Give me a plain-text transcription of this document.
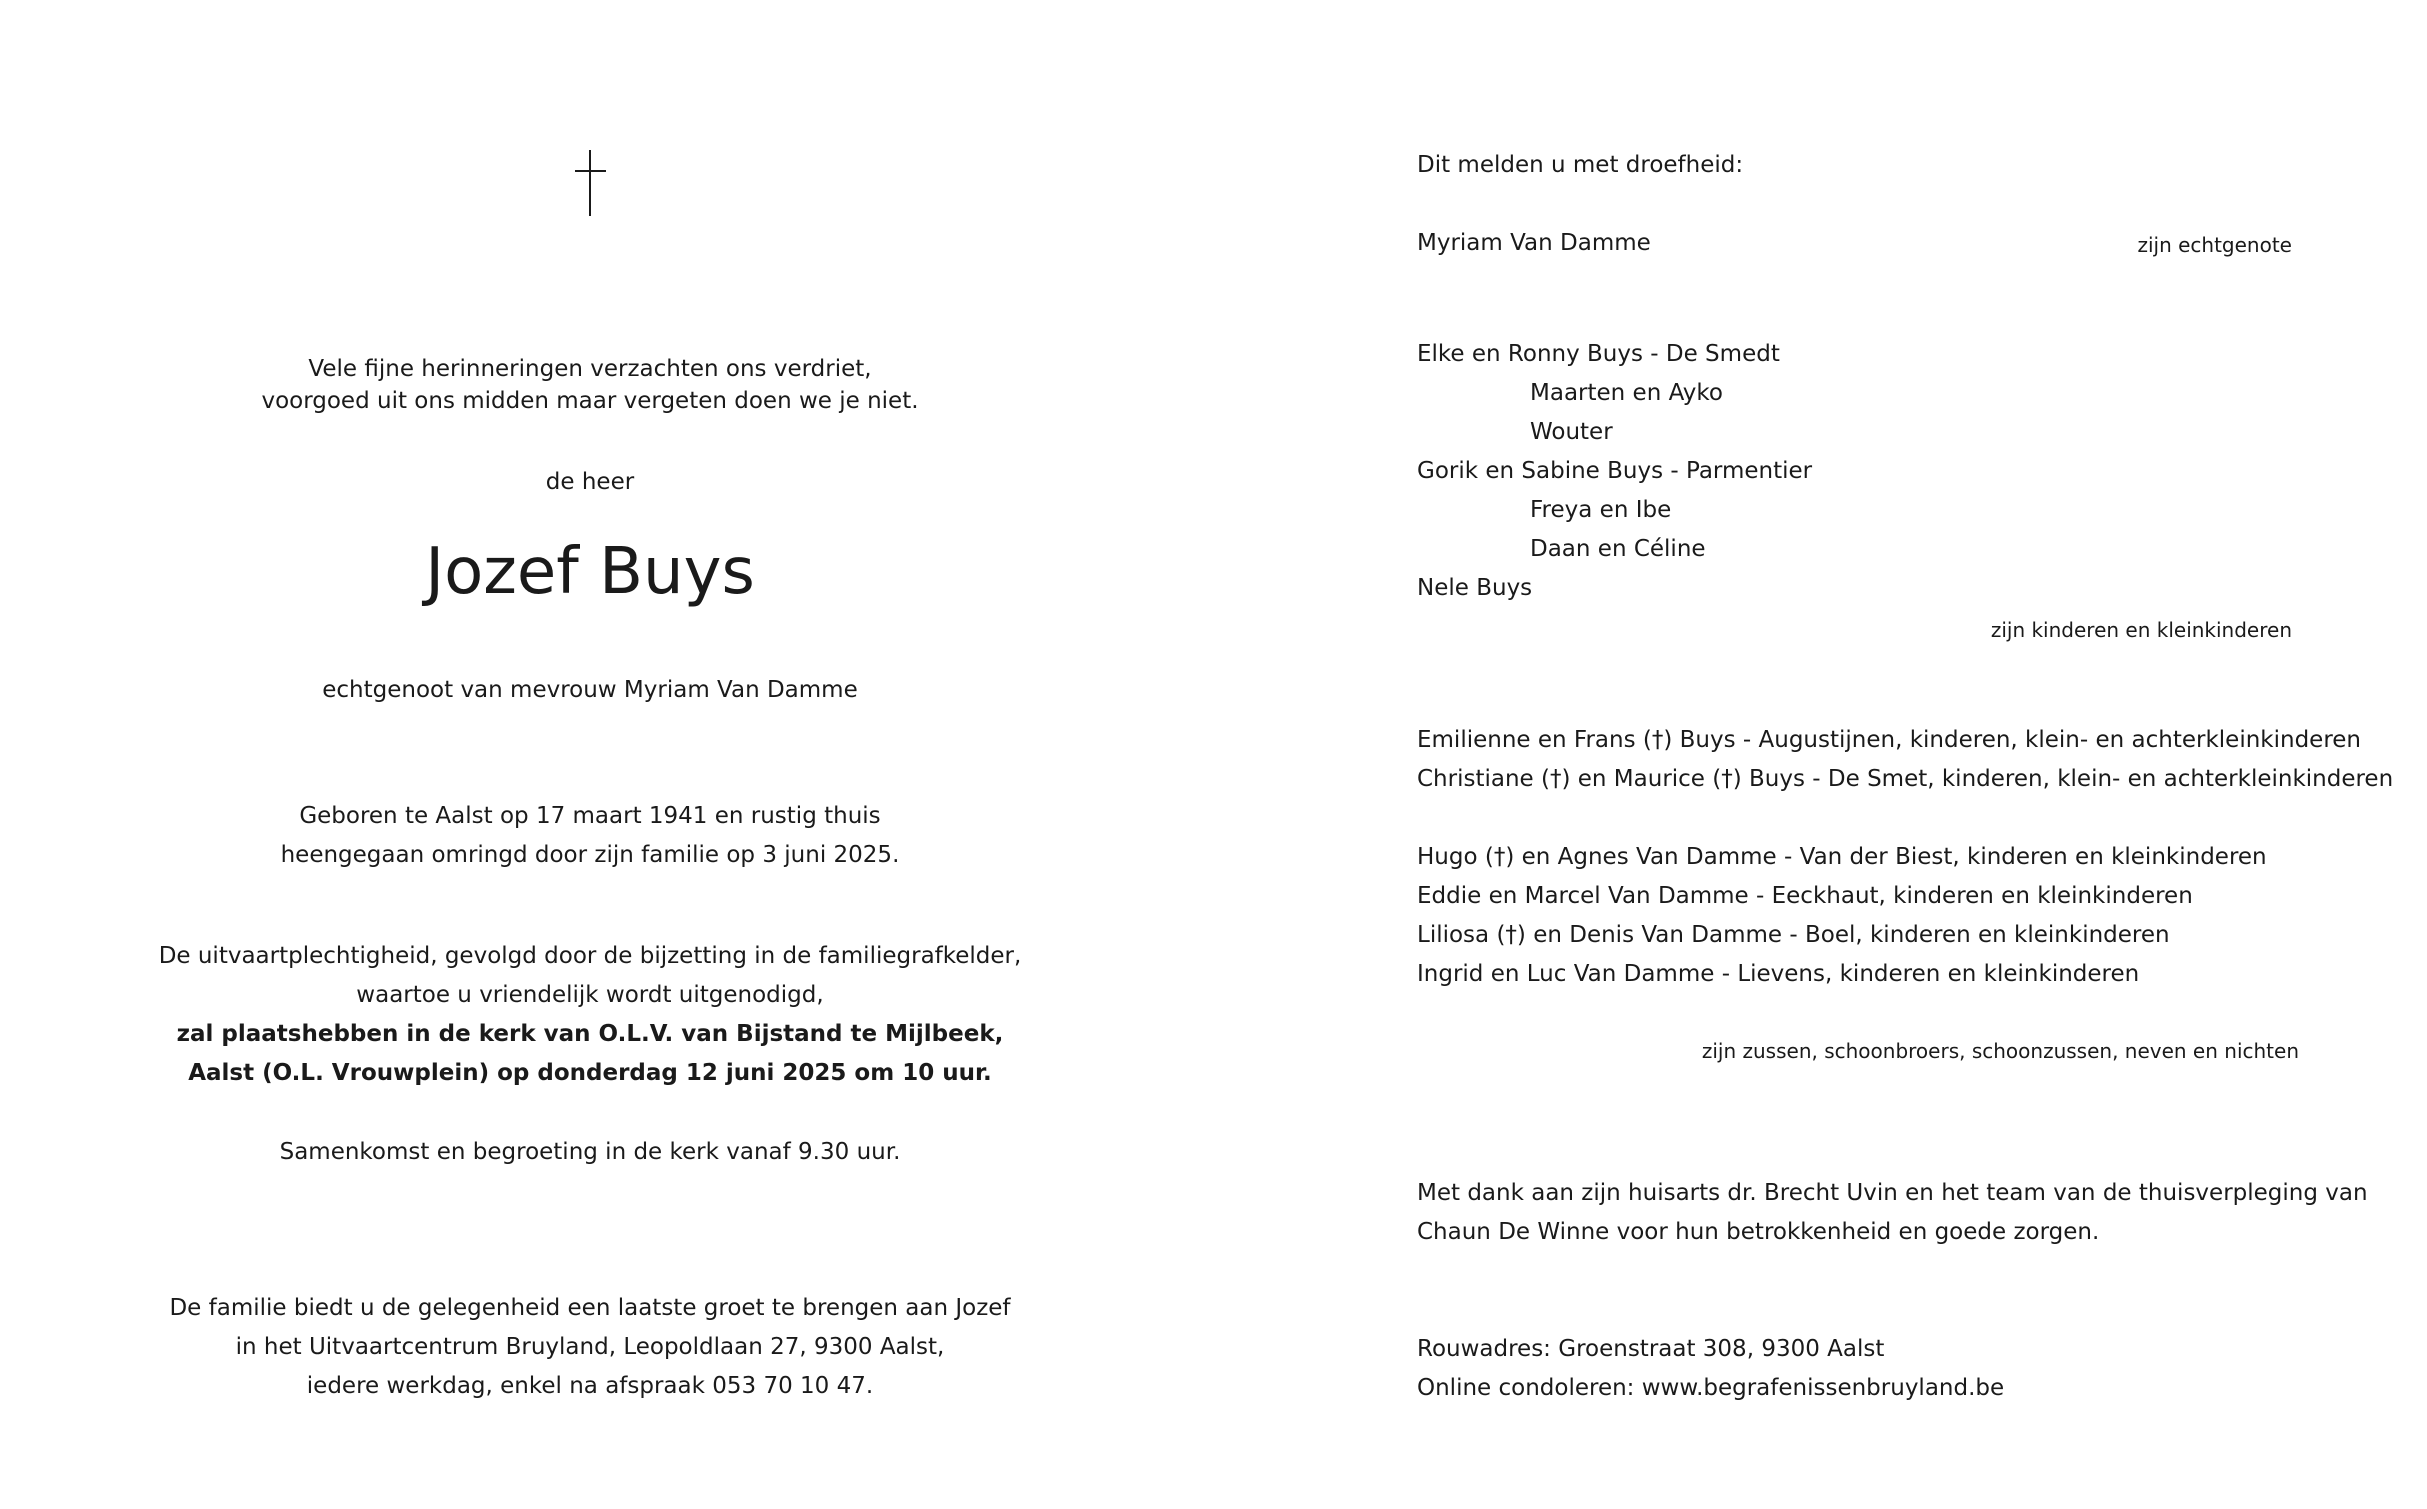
Vele fijne herinneringen verzachten ons verdriet,
voorgoed uit ons midden maar vergeten doen we je niet.
de heer
Jozef Buys
echtgenoot van mevrouw Myriam Van Damme
Geboren te Aalst op 17 maart 1941 en rustig thuis
heengegaan omringd door zijn familie op 3 juni 2025.
De uitvaartplechtigheid, gevolgd door de bijzetting in de familiegrafkelder,
waartoe u vriendelijk wordt uitgenodigd,
zal plaatshebben in de kerk van O.L.V. van Bijstand te Mijlbeek,
Aalst (O.L. Vrouwplein) op donderdag 12 juni 2025 om 10 uur.
Samenkomst en begroeting in de kerk vanaf 9.30 uur.
De familie biedt u de gelegenheid een laatste groet te brengen aan Jozef
in het Uitvaartcentrum Bruyland, Leopoldlaan 27, 9300 Aalst,
iedere werkdag, enkel na afspraak 053 70 10 47.
Dit melden u met droefheid:
Myriam Van Damme	zijn echtgenote
Elke en Ronny Buys - De Smedt
Maarten en Ayko
Wouter
Gorik en Sabine Buys - Parmentier
Freya en Ibe
Daan en Céline
Nele Buys
zijn kinderen en kleinkinderen
Emilienne en Frans (†) Buys - Augustijnen, kinderen, klein- en achterkleinkinderen
Christiane (†) en Maurice (†) Buys - De Smet, kinderen, klein- en achterkleinkinderen
Hugo (†) en Agnes Van Damme - Van der Biest, kinderen en kleinkinderen
Eddie en Marcel Van Damme - Eeckhaut, kinderen en kleinkinderen
Liliosa (†) en Denis Van Damme - Boel, kinderen en kleinkinderen
Ingrid en Luc Van Damme - Lievens, kinderen en kleinkinderen
zijn zussen, schoonbroers, schoonzussen, neven en nichten
Met dank aan zijn huisarts dr. Brecht Uvin en het team van de thuisverpleging van
Chaun De Winne voor hun betrokkenheid en goede zorgen.
Rouwadres: Groenstraat 308, 9300 Aalst
Online condoleren: www.begrafenissenbruyland.be
